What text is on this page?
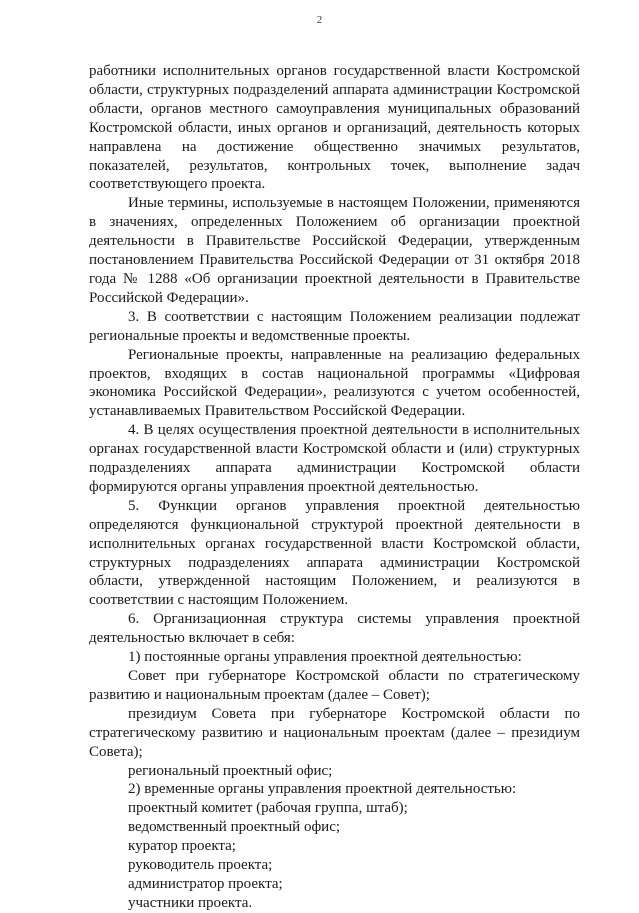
2

работники исполнительных органов государственной власти Костромской области, структурных подразделений аппарата администрации Костромской области, органов местного самоуправления муниципальных образований Костромской области, иных органов и организаций, деятельность которых направлена на достижение общественно значимых результатов, показателей, результатов, контрольных точек, выполнение задач соответствующего проекта.

Иные термины, используемые в настоящем Положении, применяются в значениях, определенных Положением об организации проектной деятельности в Правительстве Российской Федерации, утвержденным постановлением Правительства Российской Федерации от 31 октября 2018 года № 1288 «Об организации проектной деятельности в Правительстве Российской Федерации».

3. В соответствии с настоящим Положением реализации подлежат региональные проекты и ведомственные проекты.

Региональные проекты, направленные на реализацию федеральных проектов, входящих в состав национальной программы «Цифровая экономика Российской Федерации», реализуются с учетом особенностей, устанавливаемых Правительством Российской Федерации.

4. В целях осуществления проектной деятельности в исполнительных органах государственной власти Костромской области и (или) структурных подразделениях аппарата администрации Костромской области формируются органы управления проектной деятельностью.

5. Функции органов управления проектной деятельностью определяются функциональной структурой проектной деятельности в исполнительных органах государственной власти Костромской области, структурных подразделениях аппарата администрации Костромской области, утвержденной настоящим Положением, и реализуются в соответствии с настоящим Положением.

6. Организационная структура системы управления проектной деятельностью включает в себя:

1) постоянные органы управления проектной деятельностью:

Совет при губернаторе Костромской области по стратегическому развитию и национальным проектам (далее – Совет);

президиум Совета при губернаторе Костромской области по стратегическому развитию и национальным проектам (далее – президиум Совета);

региональный проектный офис;

2) временные органы управления проектной деятельностью:

проектный комитет (рабочая группа, штаб);

ведомственный проектный офис;

куратор проекта;

руководитель проекта;

администратор проекта;

участники проекта.
